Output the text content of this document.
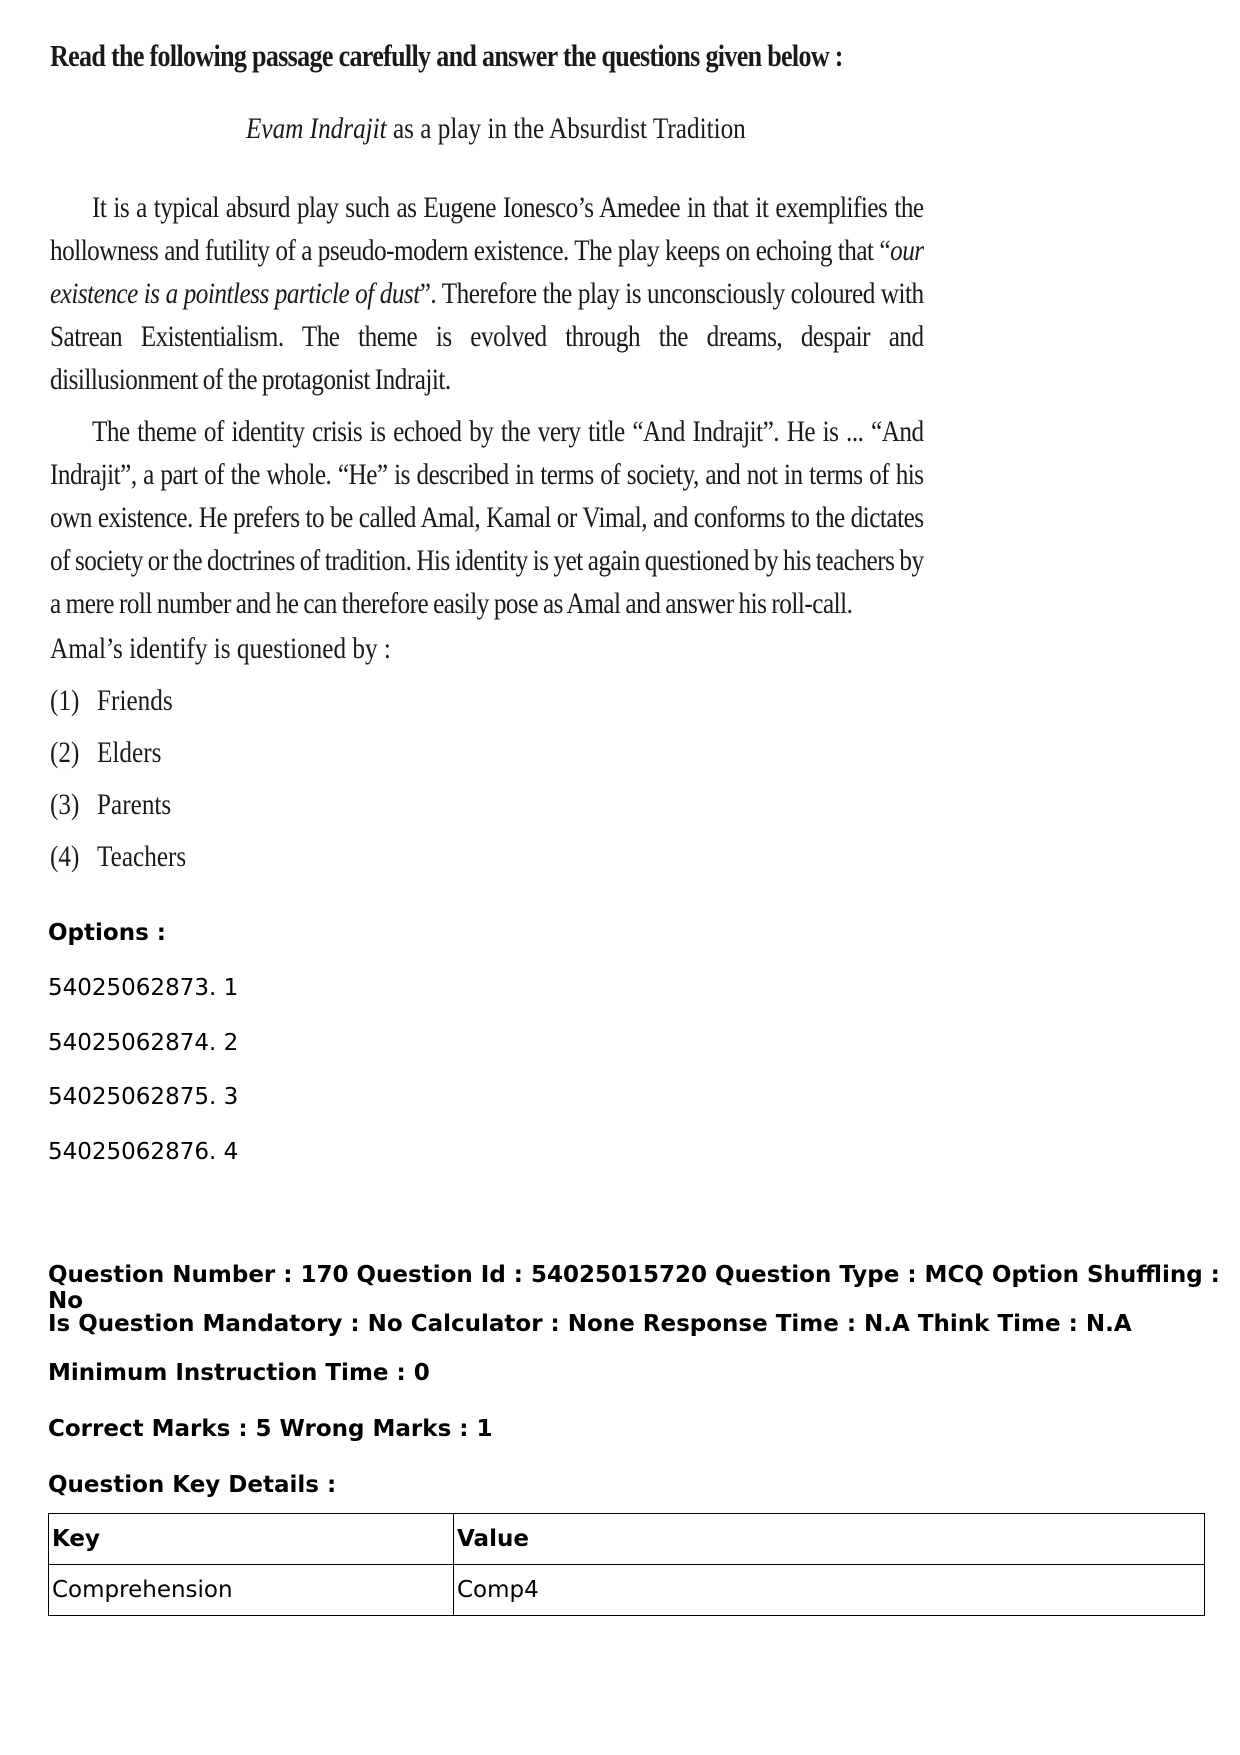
Read the following passage carefully and answer the questions given below :

Evam Indrajit as a play in the Absurdist Tradition

It is a typical absurd play such as Eugene Ionesco’s Amedee in that it exemplifies the hollowness and futility of a pseudo-modern existence. The play keeps on echoing that “our existence is a pointless particle of dust”. Therefore the play is unconsciously coloured with Satrean Existentialism. The theme is evolved through the dreams, despair and disillusionment of the protagonist Indrajit.

The theme of identity crisis is echoed by the very title “And Indrajit”. He is ... “And Indrajit”, a part of the whole. “He” is described in terms of society, and not in terms of his own existence. He prefers to be called Amal, Kamal or Vimal, and conforms to the dictates of society or the doctrines of tradition. His identity is yet again questioned by his teachers by a mere roll number and he can therefore easily pose as Amal and answer his roll-call.

Amal’s identify is questioned by :

(1) Friends
(2) Elders
(3) Parents
(4) Teachers
Options :
54025062873. 1
54025062874. 2
54025062875. 3
54025062876. 4
Question Number : 170 Question Id : 54025015720 Question Type : MCQ Option Shuffling : No
Is Question Mandatory : No Calculator : None Response Time : N.A Think Time : N.A
Minimum Instruction Time : 0
Correct Marks : 5 Wrong Marks : 1
Question Key Details :
Key	Value
Comprehension	Comp4
